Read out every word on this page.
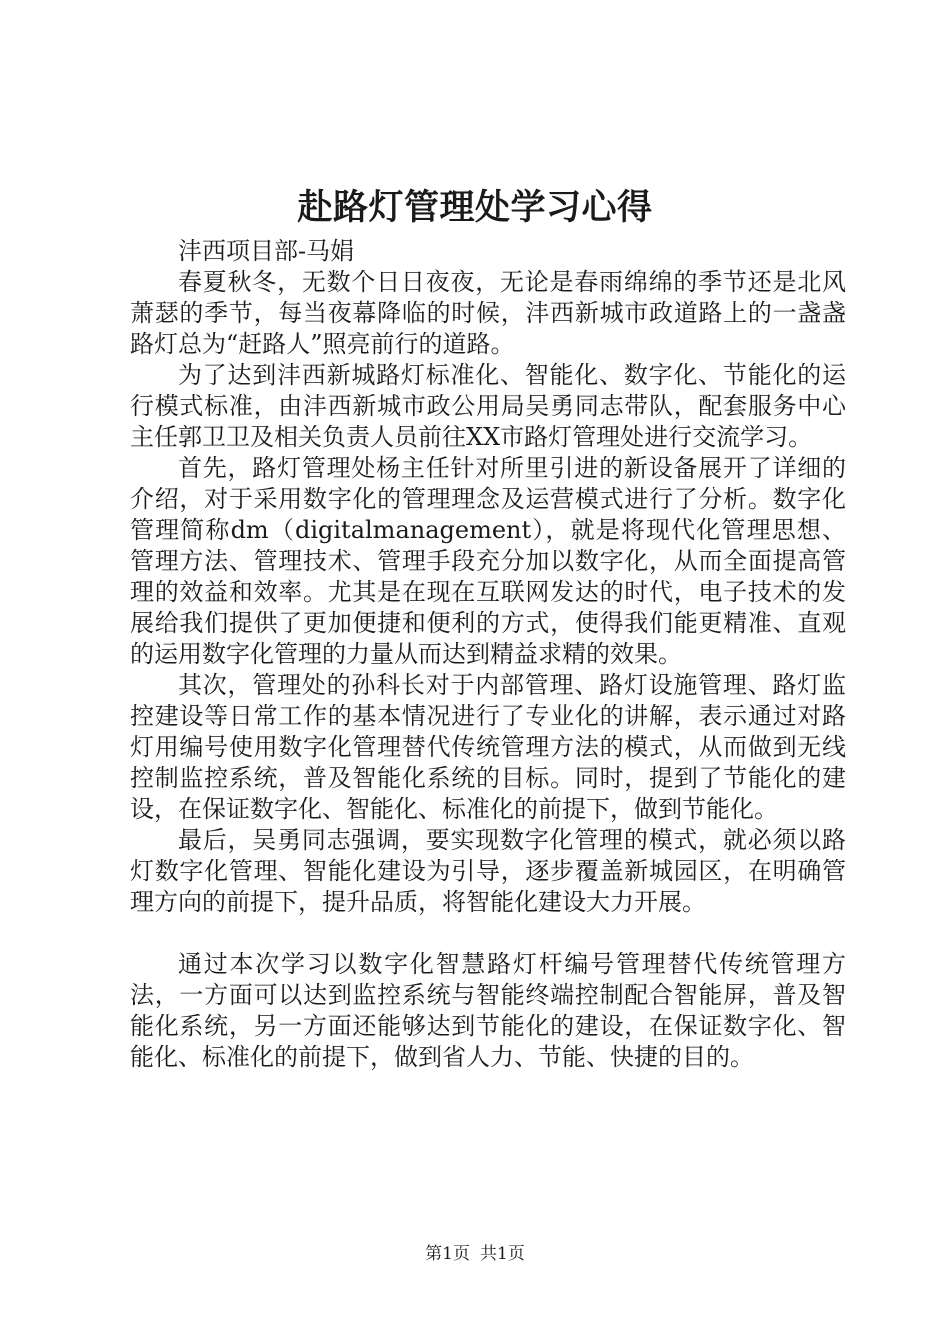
赴路灯管理处学习心得

沣西项目部-马娟

春夏秋冬，无数个日日夜夜，无论是春雨绵绵的季节还是北风萧瑟的季节，每当夜幕降临的时候，沣西新城市政道路上的一盏盏路灯总为“赶路人”照亮前行的道路。

为了达到沣西新城路灯标准化、智能化、数字化、节能化的运行模式标准，由沣西新城市政公用局吴勇同志带队，配套服务中心主任郭卫卫及相关负责人员前往XX市路灯管理处进行交流学习。

首先，路灯管理处杨主任针对所里引进的新设备展开了详细的介绍，对于采用数字化的管理理念及运营模式进行了分析。数字化管理简称dm（digitalmanagement），就是将现代化管理思想、管理方法、管理技术、管理手段充分加以数字化，从而全面提高管理的效益和效率。尤其是在现在互联网发达的时代，电子技术的发展给我们提供了更加便捷和便利的方式，使得我们能更精准、直观的运用数字化管理的力量从而达到精益求精的效果。

其次，管理处的孙科长对于内部管理、路灯设施管理、路灯监控建设等日常工作的基本情况进行了专业化的讲解，表示通过对路灯用编号使用数字化管理替代传统管理方法的模式，从而做到无线控制监控系统，普及智能化系统的目标。同时，提到了节能化的建设，在保证数字化、智能化、标准化的前提下，做到节能化。

最后，吴勇同志强调，要实现数字化管理的模式，就必须以路灯数字化管理、智能化建设为引导，逐步覆盖新城园区，在明确管理方向的前提下，提升品质，将智能化建设大力开展。

通过本次学习以数字化智慧路灯杆编号管理替代传统管理方法，一方面可以达到监控系统与智能终端控制配合智能屏，普及智能化系统，另一方面还能够达到节能化的建设，在保证数字化、智能化、标准化的前提下，做到省人力、节能、快捷的目的。

第1页 共1页
